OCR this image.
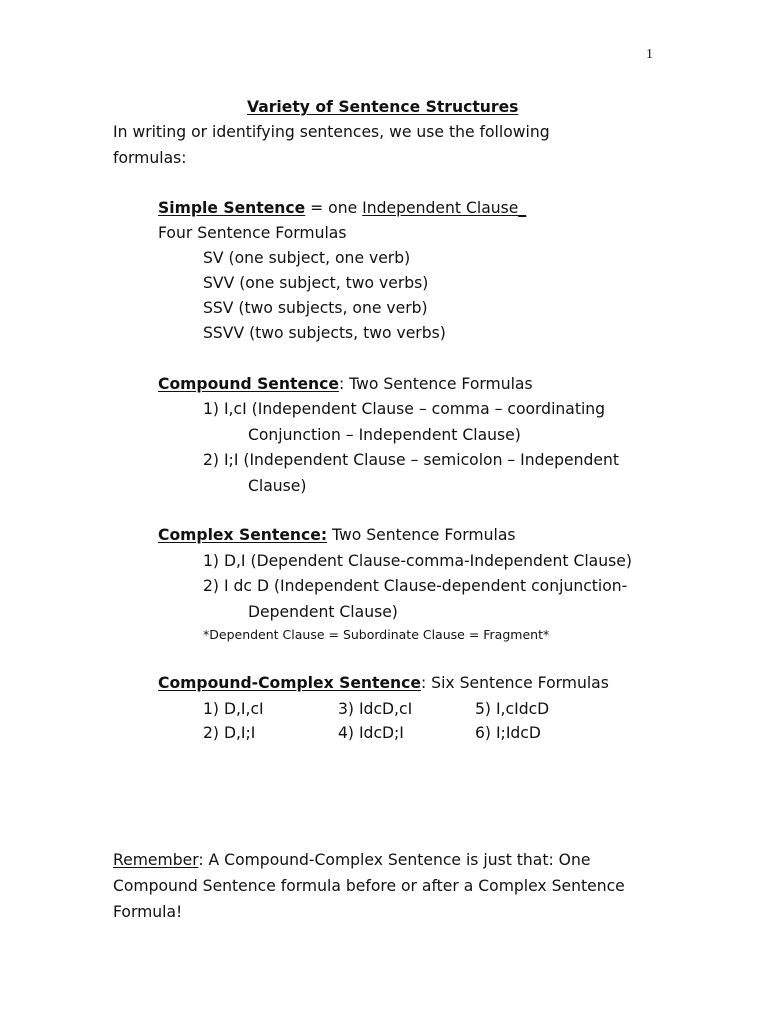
1
Variety of Sentence Structures
In writing or identifying sentences, we use the following
formulas:
Simple Sentence = one Independent Clause_
Four Sentence Formulas
SV (one subject, one verb)
SVV (one subject, two verbs)
SSV (two subjects, one verb)
SSVV (two subjects, two verbs)
Compound Sentence: Two Sentence Formulas
1) I,cI (Independent Clause – comma – coordinating
Conjunction – Independent Clause)
2) I;I (Independent Clause – semicolon – Independent
Clause)
Complex Sentence: Two Sentence Formulas
1) D,I (Dependent Clause-comma-Independent Clause)
2) I dc D (Independent Clause-dependent conjunction-
Dependent Clause)
*Dependent Clause = Subordinate Clause = Fragment*
Compound-Complex Sentence: Six Sentence Formulas
1) D,I,cI	3) IdcD,cI	5) I,cIdcD
2) D,I;I	4) IdcD;I	6) I;IdcD
Remember: A Compound-Complex Sentence is just that: One
Compound Sentence formula before or after a Complex Sentence
Formula!
